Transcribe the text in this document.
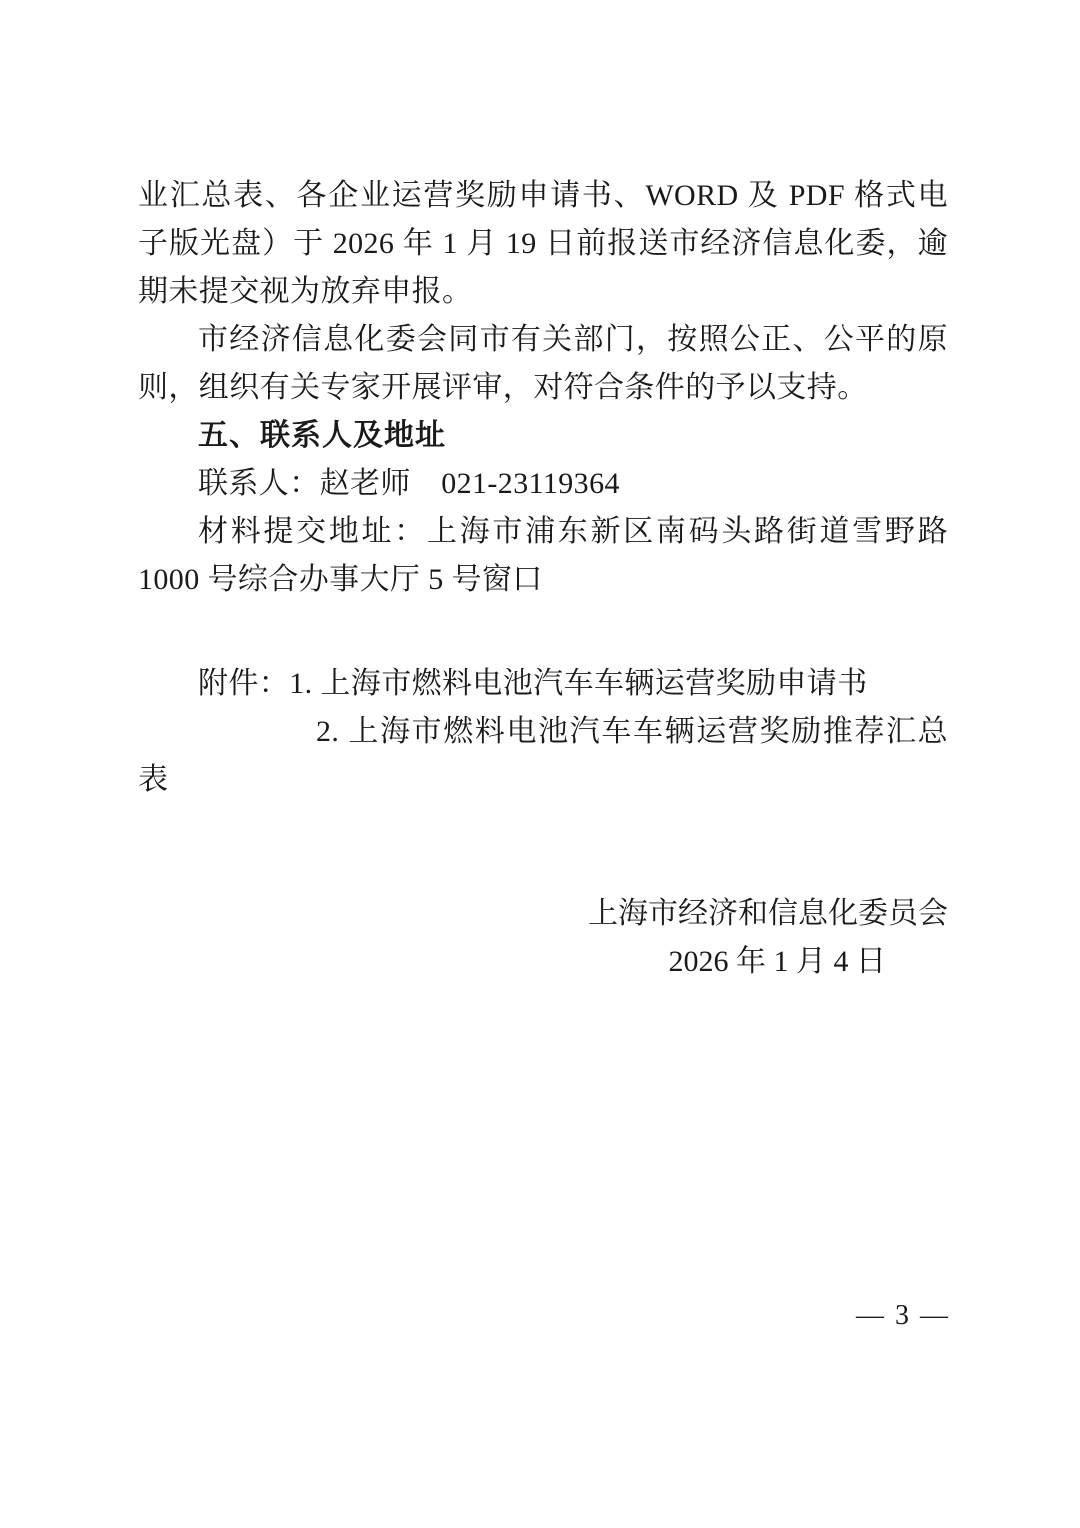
业汇总表、各企业运营奖励申请书、WORD 及 PDF 格式电子版光盘）于 2026 年 1 月 19 日前报送市经济信息化委，逾期未提交视为放弃申报。

市经济信息化委会同市有关部门，按照公正、公平的原则，组织有关专家开展评审，对符合条件的予以支持。

五、联系人及地址

联系人：赵老师　021-23119364

材料提交地址：上海市浦东新区南码头路街道雪野路 1000 号综合办事大厅 5 号窗口

附件：1. 上海市燃料电池汽车车辆运营奖励申请书

2. 上海市燃料电池汽车车辆运营奖励推荐汇总表

上海市经济和信息化委员会

2026 年 1 月 4 日

— 3 —
